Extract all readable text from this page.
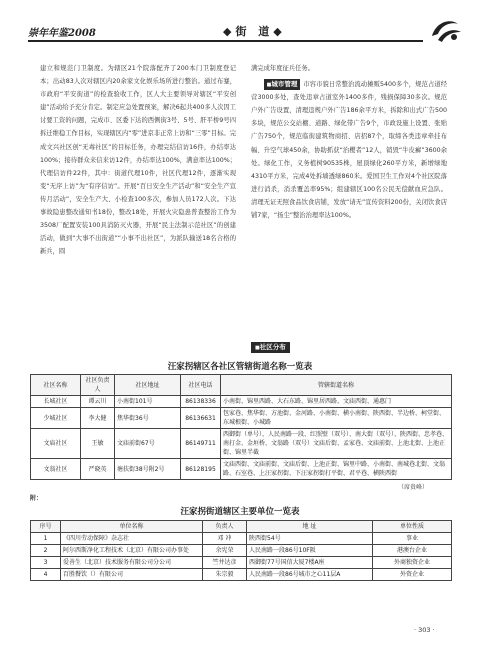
崇年年鉴2008	◆街 道◆

建立和规范门卫制度。为辖区21个院落配齐了200本门卫制度登记本；出动83人次对辖区内20余家文化娱乐场所进行整治。通过布蹇，市政府“平安街道”的检查验收工作，区人大主要领导对辖区“平安创建”活动给予充分肯定。制定应急处置预案，解决6起共400多人次因工讨要工资的问题，完成市、区委下达的西侧街3号、5号、肝平桥9号四拆迁维稳工作目标，实现辖区内“零”进京非正常上访和“三零”目标。完成文兴社区创“无毒社区”的目标任务，办理完结信访16件，办结率达100%；接待群众来信来访12件，办结率达100%，满意率达100%；代理信访件22件，其中：街道代理10件，社区代理12件，逐渐实现变“无序上访”为“有序信访”。开展“百日安全生产活动”和“安全生产宣传月活动”，安全生产大、小检查100多次，参加人员172人次。下达事故隐患整改通知书18份，整改18处，开展火灾隐患普查整治工作为3508厂配置安装100具消防灭火器，开展“民主法制示范社区”的创建活动，做到“大事不出街道”“小事不出社区”，为派队输送18名合格的新兵，圆

满完成年度征兵任务。

■ 城市管理 市容市貌日常整治流动摊贩5400多个，规范占道经营3000多处，查处违章占道室外1400多件，残损保障30多次。规范户外广告设置，清理违规户外广告186余平方米，拆除和出式广告500多块，规范公交站棚、道路、绿化带广告9个，市政设施上设置、张贴广告750个，规范临街建筑物商招、店招87个，取缔各类违章牵挂布幅、升空气球450余，协助抓获“治樱者”12人，销毁“牛皮癣”3600余处。绿化工作，义务植树90535株，屋顶绿化260平方米，新增绿地4310平方米，完成4处拆墙透绿860米。爱国卫生工作对4个社区院落进行消杀，消杀覆盖率95%；组建辖区100名公民无偿献血应急队。清理无证无照食品饮食店铺，发放“请无”宣传资料200份，关闭饮食店铺7家，“扬尘”整治治理率达100%。

■ 社区分布
汪家拐辖区各社区管辖街道名称一览表
社区名称	社区负责人	社区地址	社区电话	管辖街道名称
长城社区	谭云川	小南街101号	86138336	小南街、锦里西路、大石东路、锦里居西路、文庙西街、通惠门
少城社区	李大健	焦华街36号	86136631	包家巷、焦华街、方池街、金河路、小南街、横小南街、陕西街、半边桥、柯堂街、东城根街、小城路
文庙社区	王敏	文庙前街67号	86149711	西御街（单号）、人民南路一段、红照壁（双号）、南大街（双号）、陕西街、忠孝巷、南打金、金垣桥、文翁路（双号）文庙后街、孟家巷、文庙前街、上池北街、上池正街、锦里半截
文翁社区	严晓英	塘扶街38号附2号	86128195	文庙西街、文庙前街、文庙后街、上池正街、锦里中路、小南街、南城巷北街、文翁路、石室巷、上汪家拐街、下汪家拐街打平街、君平巷、横陕西街
（席贵峰）
附：
汪家拐街道辖区主要单位一览表
序号	单位名称	负责人	地 址	单位性质
1	《四川劳动保障》杂志社	邓 冲	陕西街54号	事业
2	阿尔西斯净化工程技术（北京）有限公司办事处	余宪荣	人民南路一段86号10F阪	港澳台企业
3	爱善生（北京）技术服务有限公司分公司	竺井达彦	西御街77号国信大厦7楼A座	外商独资企业
4	百胜餐饮（）有限公司	朱宗毅	人民南路一段86号城市之心11层A	外资企业
· 303 ·
